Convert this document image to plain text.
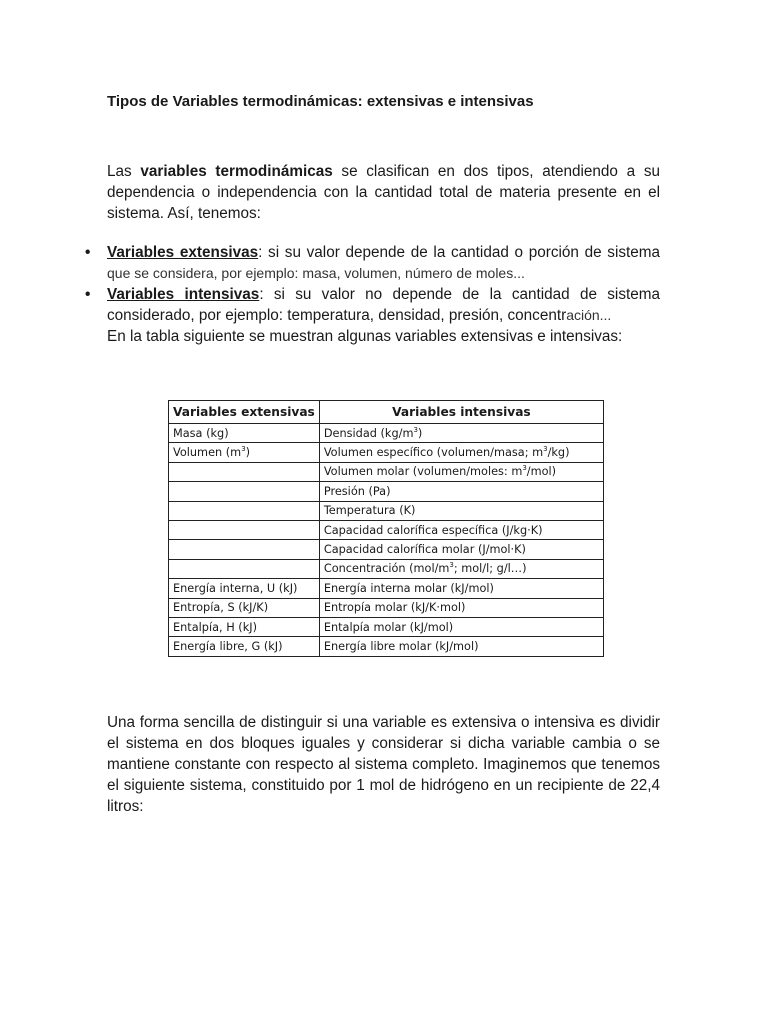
Tipos de Variables termodinámicas: extensivas e intensivas

Las variables termodinámicas se clasifican en dos tipos, atendiendo a su dependencia o independencia con la cantidad total de materia presente en el sistema. Así, tenemos:

• Variables extensivas: si su valor depende de la cantidad o porción de sistema que se considera, por ejemplo: masa, volumen, número de moles...
• Variables intensivas: si su valor no depende de la cantidad de sistema considerado, por ejemplo: temperatura, densidad, presión, concentración...

En la tabla siguiente se muestran algunas variables extensivas e intensivas:

Variables extensivas	Variables intensivas
Masa (kg)	Densidad $(kg/m^3)$
Volumen $(m^3)$	Volumen específico (volumen/masa; $m^3/kg$)
	Volumen molar (volumen/moles: $m^3/mol$)
	Presión (Pa)
	Temperatura (K)
	Capacidad calorífica específica (J/kg·K)
	Capacidad calorífica molar (J/mol·K)
	Concentración ($mol/m^3$; mol/l; g/l…)
Energía interna, U (kJ)	Energía interna molar (kJ/mol)
Entropía, S (kJ/K)	Entropía molar (kJ/K·mol)
Entalpía, H (kJ)	Entalpía molar (kJ/mol)
Energía libre, G (kJ)	Energía libre molar (kJ/mol)

Una forma sencilla de distinguir si una variable es extensiva o intensiva es dividir el sistema en dos bloques iguales y considerar si dicha variable cambia o se mantiene constante con respecto al sistema completo. Imaginemos que tenemos el siguiente sistema, constituido por 1 mol de hidrógeno en un recipiente de 22,4 litros:
